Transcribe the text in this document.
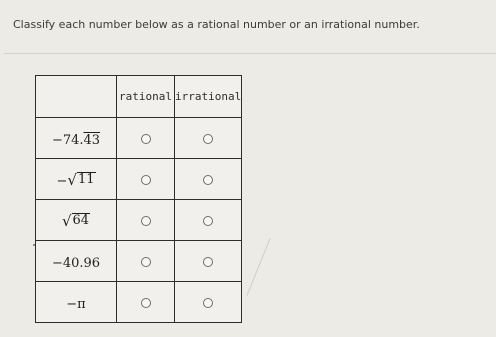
Classify each number below as a rational number or an irrational number.
	rational	irrational
−74.43		
− √ 11		

√ 64		

−40.96		
−π		
